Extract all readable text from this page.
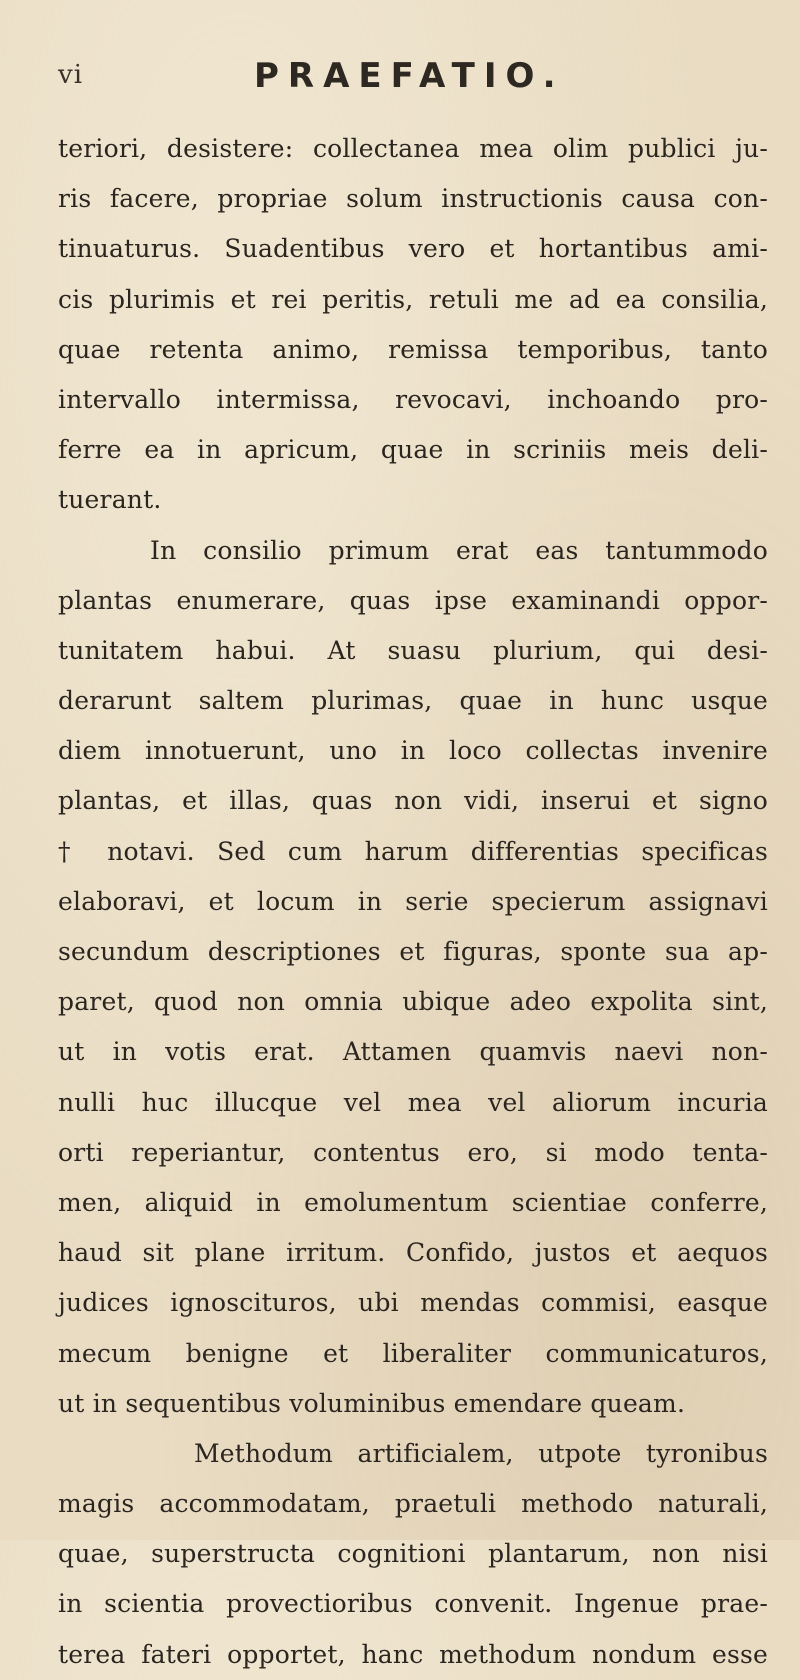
vi	PRAEFATIO.
teriori, desistere: collectanea mea olim publici ju-
ris facere, propriae solum instructionis causa con-
tinuaturus. Suadentibus vero et hortantibus ami-
cis plurimis et rei peritis, retuli me ad ea consilia,
quae retenta animo, remissa temporibus, tanto
intervallo intermissa, revocavi, inchoando pro-
ferre ea in apricum, quae in scriniis meis deli-
tuerant.
In consilio primum erat eas tantummodo
plantas enumerare, quas ipse examinandi oppor-
tunitatem habui. At suasu plurium, qui desi-
derarunt saltem plurimas, quae in hunc usque
diem innotuerunt, uno in loco collectas invenire
plantas, et illas, quas non vidi, inserui et signo
† notavi. Sed cum harum differentias specificas
elaboravi, et locum in serie specierum assignavi
secundum descriptiones et figuras, sponte sua ap-
paret, quod non omnia ubique adeo expolita sint,
ut in votis erat. Attamen quamvis naevi non-
nulli huc illucque vel mea vel aliorum incuria
orti reperiantur, contentus ero, si modo tenta-
men, aliquid in emolumentum scientiae conferre,
haud sit plane irritum. Confido, justos et aequos
judices ignoscituros, ubi mendas commisi, easque
mecum benigne et liberaliter communicaturos,
ut in sequentibus voluminibus emendare queam.
Methodum artificialem, utpote tyronibus
magis accommodatam, praetuli methodo naturali,
quae, superstructa cognitioni plantarum, non nisi
in scientia provectioribus convenit. Ingenue prae-
terea fateri opportet, hanc methodum nondum esse
